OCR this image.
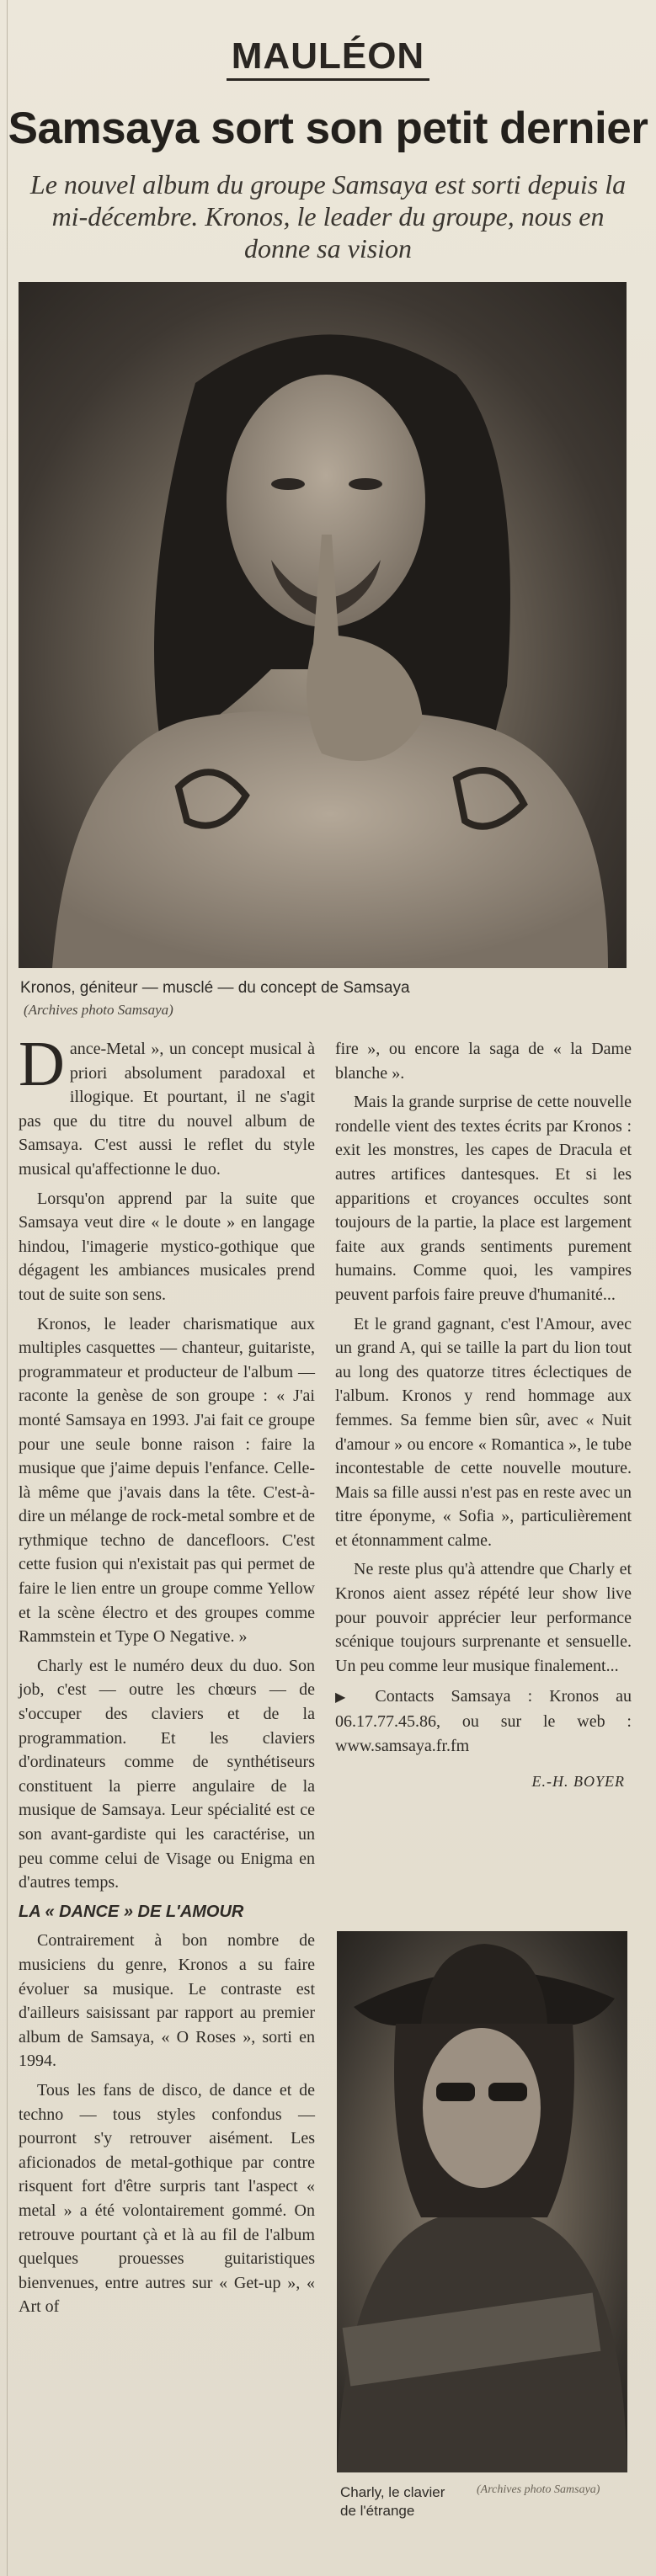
MAULÉON
Samsaya sort son petit dernier
Le nouvel album du groupe Samsaya est sorti depuis la mi-décembre. Kronos, le leader du groupe, nous en donne sa vision
Kronos, géniteur — musclé — du concept de Samsaya
(Archives photo Samsaya)

Dance-Metal », un concept musical à priori absolument paradoxal et illogique. Et pourtant, il ne s'agit pas que du titre du nouvel album de Samsaya. C'est aussi le reflet du style musical qu'affectionne le duo.

Lorsqu'on apprend par la suite que Samsaya veut dire « le doute » en langage hindou, l'imagerie mystico-gothique que dégagent les ambiances musicales prend tout de suite son sens.

Kronos, le leader charismatique aux multiples casquettes — chanteur, guitariste, programmateur et producteur de l'album — raconte la genèse de son groupe : « J'ai monté Samsaya en 1993. J'ai fait ce groupe pour une seule bonne raison : faire la musique que j'aime depuis l'enfance. Celle-là même que j'avais dans la tête. C'est-à-dire un mélange de rock-metal sombre et de rythmique techno de dancefloors. C'est cette fusion qui n'existait pas qui permet de faire le lien entre un groupe comme Yellow et la scène électro et des groupes comme Rammstein et Type O Negative. »

Charly est le numéro deux du duo. Son job, c'est — outre les chœurs — de s'occuper des claviers et de la programmation. Et les claviers d'ordinateurs comme de synthétiseurs constituent la pierre angulaire de la musique de Samsaya. Leur spécialité est ce son avant-gardiste qui les caractérise, un peu comme celui de Visage ou Enigma en d'autres temps.

LA « DANCE » DE L'AMOUR

Contrairement à bon nombre de musiciens du genre, Kronos a su faire évoluer sa musique. Le contraste est d'ailleurs saisissant par rapport au premier album de Samsaya, « O Roses », sorti en 1994.

Tous les fans de disco, de dance et de techno — tous styles confondus — pourront s'y retrouver aisément. Les aficionados de metal-gothique par contre risquent fort d'être surpris tant l'aspect « metal » a été volontairement gommé. On retrouve pourtant çà et là au fil de l'album quelques prouesses guitaristiques bienvenues, entre autres sur « Get-up », « Art of

fire », ou encore la saga de « la Dame blanche ».

Mais la grande surprise de cette nouvelle rondelle vient des textes écrits par Kronos : exit les monstres, les capes de Dracula et autres artifices dantesques. Et si les apparitions et croyances occultes sont toujours de la partie, la place est largement faite aux grands sentiments purement humains. Comme quoi, les vampires peuvent parfois faire preuve d'humanité...

Et le grand gagnant, c'est l'Amour, avec un grand A, qui se taille la part du lion tout au long des quatorze titres éclectiques de l'album. Kronos y rend hommage aux femmes. Sa femme bien sûr, avec « Nuit d'amour » ou encore « Romantica », le tube incontestable de cette nouvelle mouture. Mais sa fille aussi n'est pas en reste avec un titre éponyme, « Sofia », particulièrement et étonnamment calme.

Ne reste plus qu'à attendre que Charly et Kronos aient assez répété leur show live pour pouvoir apprécier leur performance scénique toujours surprenante et sensuelle. Un peu comme leur musique finalement...

▶ Contacts Samsaya : Kronos au 06.17.77.45.86, ou sur le web : www.samsaya.fr.fm

E.-H. BOYER

Charly, le clavier
de l'étrange
(Archives photo Samsaya)
